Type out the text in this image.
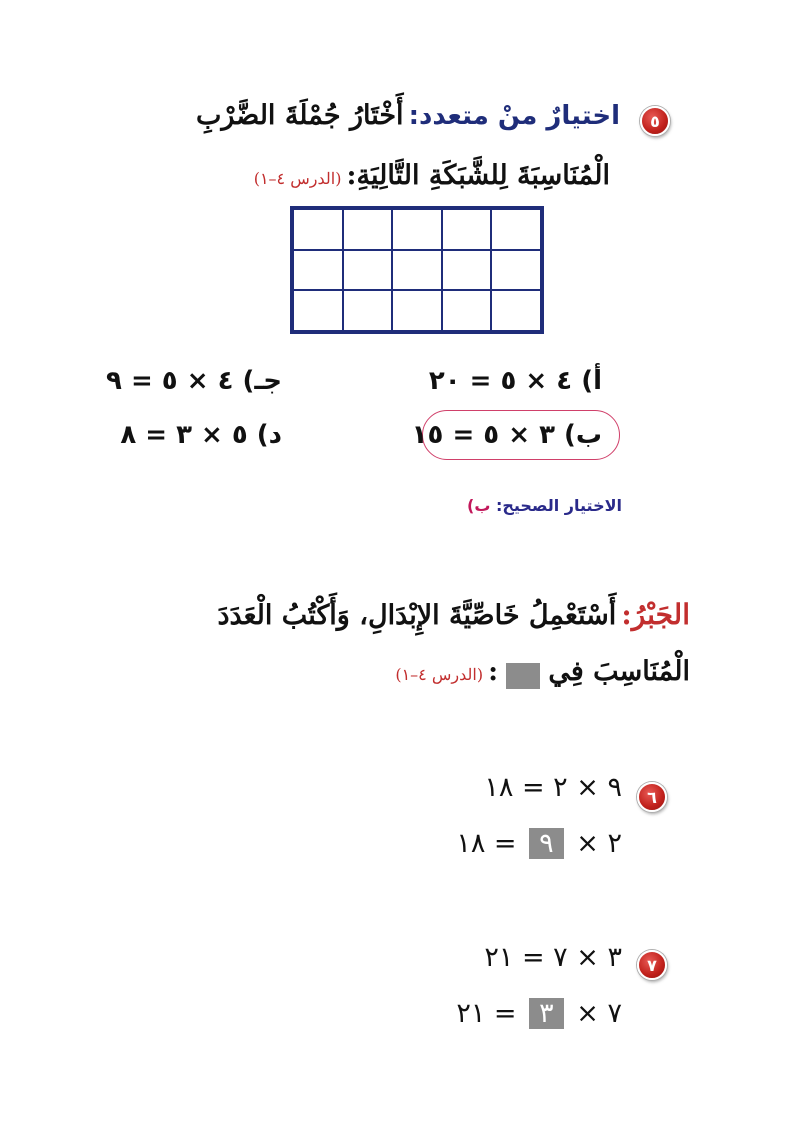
٥
اختيارٌ منْ متعدد: أَخْتَارُ جُمْلَةَ الضَّرْبِ
الْمُنَاسِبَةَ لِلشَّبَكَةِ التَّالِيَةِ: (الدرس ٤–١)
أ) ٤ × ٥ = ٢٠
جـ) ٤ × ٥ = ٩
ب) ٣ × ٥ = ١٥
د) ٥ × ٣ = ٨
الاختيار الصحيح: ب)
الجَبْرُ: أَسْتَعْمِلُ خَاصِّيَّةَ الإِبْدَالِ، وَأَكْتُبُ الْعَدَدَ
الْمُنَاسِبَ فِي  : (الدرس ٤–١)
٦
٩ × ٢ = ١٨
٢ × ٩ = ١٨
٧
٣ × ٧ = ٢١
٧ × ٣ = ٢١
